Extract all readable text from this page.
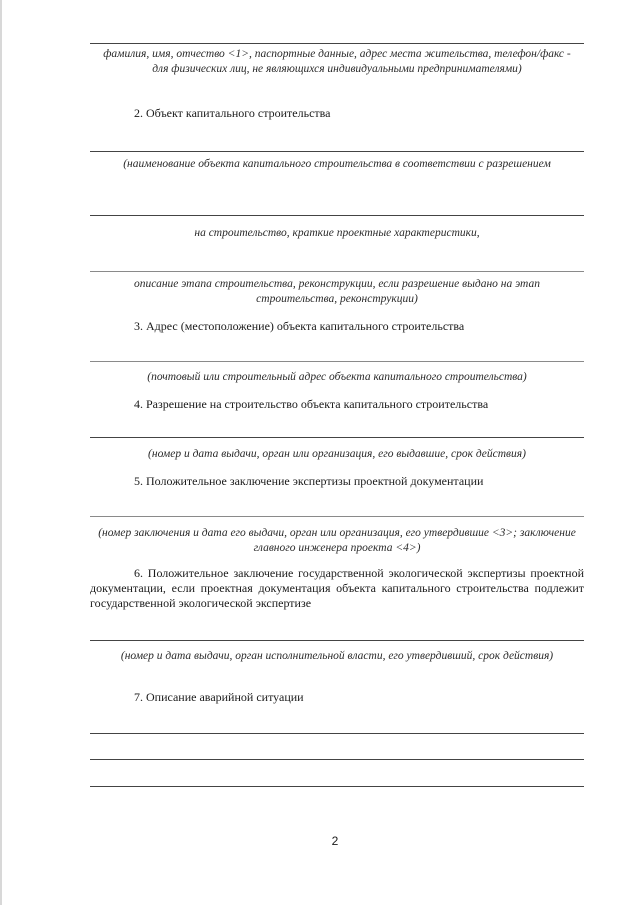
фамилия, имя, отчество <1>, паспортные данные, адрес места жительства, телефон/факс - для физических лиц, не являющихся индивидуальными предпринимателями)
2. Объект капитального строительства
(наименование объекта капитального строительства в соответствии с разрешением
на строительство, краткие проектные характеристики,
описание этапа строительства, реконструкции, если разрешение выдано на этап строительства, реконструкции)
3. Адрес (местоположение) объекта капитального строительства
(почтовый или строительный адрес объекта капитального строительства)
4. Разрешение на строительство объекта капитального строительства
(номер и дата выдачи, орган или организация, его выдавшие, срок действия)
5. Положительное заключение экспертизы проектной документации
(номер заключения и дата его выдачи, орган или организация, его утвердившие <3>; заключение главного инженера проекта <4>)
6. Положительное заключение государственной экологической экспертизы проектной документации, если проектная документация объекта капитального строительства подлежит государственной экологической экспертизе
(номер и дата выдачи, орган исполнительной власти, его утвердивший, срок действия)
7. Описание аварийной ситуации
2
